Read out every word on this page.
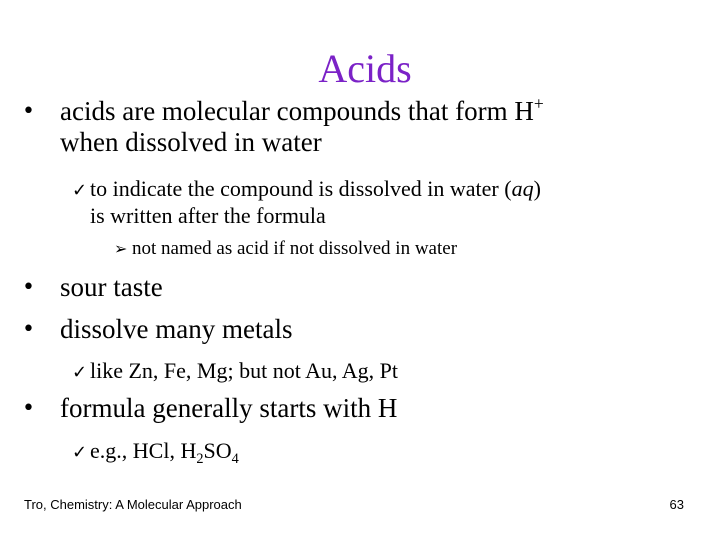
Acids
• acids are molecular compounds that form H+
when dissolved in water
✓ to indicate the compound is dissolved in water (aq)
is written after the formula
➢ not named as acid if not dissolved in water
• sour taste
• dissolve many metals
✓ like Zn, Fe, Mg; but not Au, Ag, Pt
• formula generally starts with H
✓ e.g., HCl, $H_2SO_4$
Tro, Chemistry: A Molecular Approach	63
